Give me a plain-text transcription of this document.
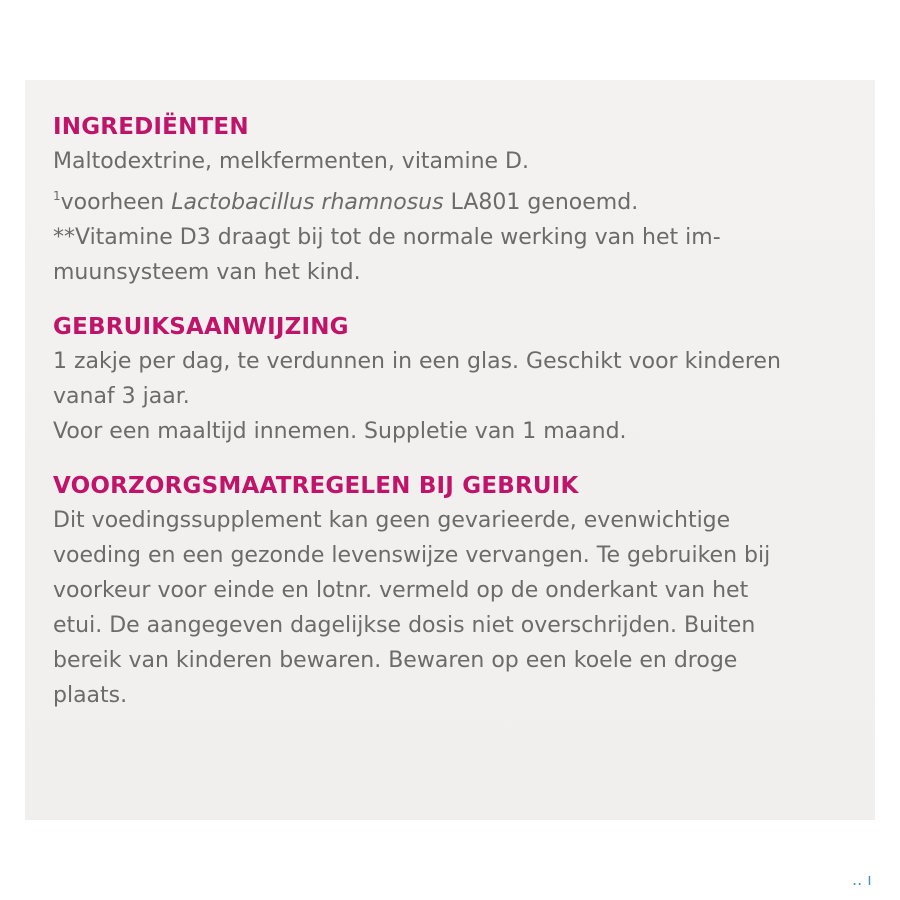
INGREDIËNTEN

Maltodextrine, melkfermenten, vitamine D.

$^1$voorheen Lactobacillus rhamnosus LA801 genoemd.

**Vitamine D3 draagt bij tot de normale werking van het im-

muunsysteem van het kind.

GEBRUIKSAANWIJZING

1 zakje per dag, te verdunnen in een glas. Geschikt voor kinderen

vanaf 3 jaar.

Voor een maaltijd innemen. Suppletie van 1 maand.

VOORZORGSMAATREGELEN BIJ GEBRUIK

Dit voedingssupplement kan geen gevarieerde, evenwichtige

voeding en een gezonde levenswijze vervangen. Te gebruiken bij

voorkeur voor einde en lotnr. vermeld op de onderkant van het

etui. De aangegeven dagelijkse dosis niet overschrijden. Buiten

bereik van kinderen bewaren. Bewaren op een koele en droge

plaats.

.. ı
